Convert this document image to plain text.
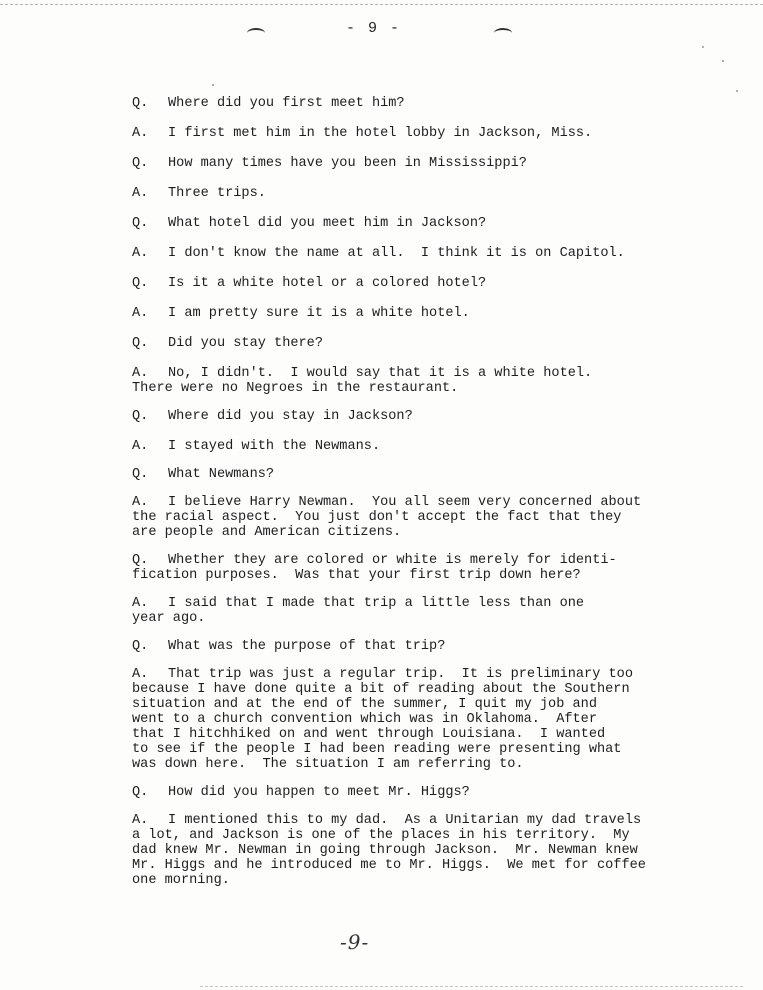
- 9 -
Q.	Where did you first meet him?
A.	I first met him in the hotel lobby in Jackson, Miss.
Q.	How many times have you been in Mississippi?
A.	Three trips.
Q.	What hotel did you meet him in Jackson?
A.	I don't know the name at all.  I think it is on Capitol.
Q.	Is it a white hotel or a colored hotel?
A.	I am pretty sure it is a white hotel.
Q.	Did you stay there?
A.	No, I didn't.  I would say that it is a white hotel.
There were no Negroes in the restaurant.
Q.	Where did you stay in Jackson?
A.	I stayed with the Newmans.
Q.	What Newmans?
A.	I believe Harry Newman.  You all seem very concerned about
the racial aspect.  You just don't accept the fact that they
are people and American citizens.
Q.	Whether they are colored or white is merely for identi-
fication purposes.  Was that your first trip down here?
A.	I said that I made that trip a little less than one
year ago.
Q.	What was the purpose of that trip?
A.	That trip was just a regular trip.  It is preliminary too
because I have done quite a bit of reading about the Southern
situation and at the end of the summer, I quit my job and
went to a church convention which was in Oklahoma.  After
that I hitchhiked on and went through Louisiana.  I wanted
to see if the people I had been reading were presenting what
was down here.  The situation I am referring to.
Q.	How did you happen to meet Mr. Higgs?
A.	I mentioned this to my dad.  As a Unitarian my dad travels
a lot, and Jackson is one of the places in his territory.  My
dad knew Mr. Newman in going through Jackson.  Mr. Newman knew
Mr. Higgs and he introduced me to Mr. Higgs.  We met for coffee
one morning.
-9-
